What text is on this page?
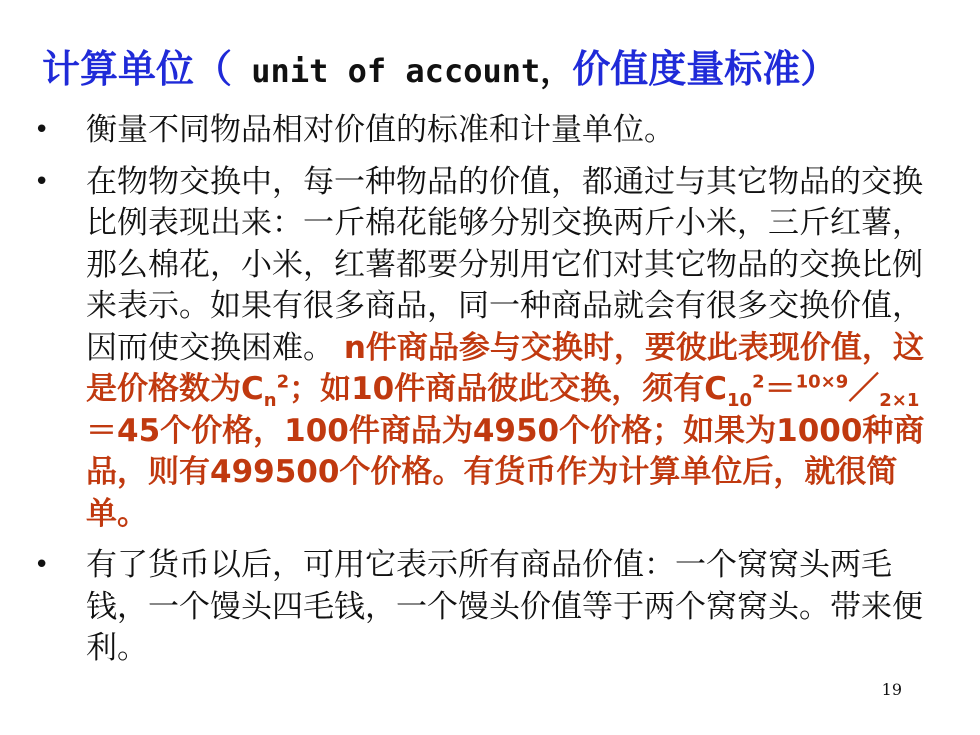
计算单位（ unit of account，价值度量标准）
• 衡量不同物品相对价值的标准和计量单位。
• 在物物交换中，每一种物品的价值，都通过与其它物品的交换比例表现出来：一斤棉花能够分别交换两斤小米，三斤红薯，那么棉花，小米，红薯都要分别用它们对其它物品的交换比例来表示。如果有很多商品，同一种商品就会有很多交换价值，因而使交换困难。 n件商品参与交换时，要彼此表现价值，这是价格数为$C_n^2$；如10件商品彼此交换，须有$C_{10}^2=^{10\times 9}/_{2\times 1}=45$个价格，100件商品为4950个价格；如果为1000种商品，则有499500个价格。有货币作为计算单位后，就很简单。
• 有了货币以后，可用它表示所有商品价值：一个窝窝头两毛钱，一个馒头四毛钱，一个馒头价值等于两个窝窝头。带来便利。
19
